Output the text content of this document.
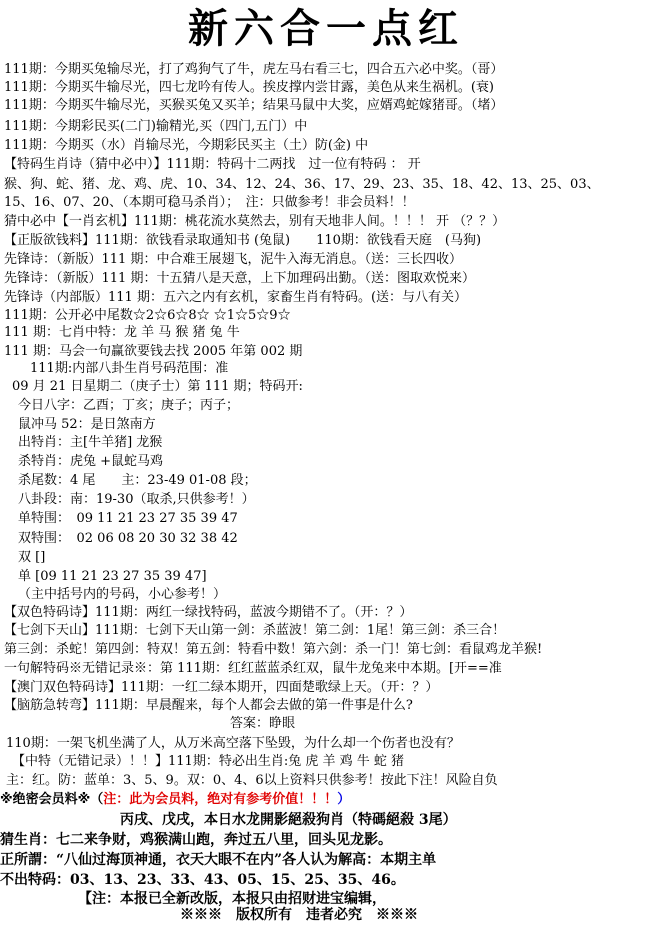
新六合一点红
111期：今期买兔输尽光，打了鸡狗气了牛，虎左马右看三七，四合五六必中奖。（哥）
111期：今期买牛输尽光，四七龙吟有传人。挨皮撑内尝甘露，美色从来生祸机。(衰)
111期：今期买牛输尽光，买猴买兔又买羊；结果马鼠中大奖，应婿鸡蛇嫁猪哥。（堵）
111期：今期彩民买(二门)输精光,买（四门,五门）中
111期：今期买（水）肖输尽光，今期彩民买主（土）防(金) 中
【特码生肖诗（猜中必中）】111期：特码十二两找　过一位有特码 ： 开
猴、狗、蛇、猪、龙、鸡、虎、10、34、12、24、36、17、29、23、35、18、42、13、25、03、
15、16、07、20、（本期可稳马杀肖）；　注：只做参考！非会员料！！
猜中必中【一肖玄机】111期：桃花流水莫然去，别有天地非人间。！！！ 开 （？？）
【正版欲钱料】111期：欲钱看录取通知书 (兔鼠)　　110期：欲钱看天庭　(马狗)
先锋诗：（新版）111 期：中合难王展翅飞，泥牛入海无消息。（送：三长四收）
先锋诗：（新版）111 期：十五猜八是天意，上下加理码出勤。（送：图取欢悦来）
先锋诗（内部版）111 期：五六之内有玄机，家畜生肖有特码。(送：与八有关）
111期：公开必中尾数☆2☆6☆8☆ ☆1☆5☆9☆
111 期：七肖中特：龙 羊 马 猴 猪 兔 牛
111 期：马会一句赢欲要钱去找 2005 年第 002 期
111期:内部八卦生肖号码范围：准
09 月 21 日星期二（庚子士）第 111 期；特码开:
今日八字：乙酉；丁亥；庚子；丙子；
鼠冲马 52：是日煞南方
出特肖：主[牛羊猪] 龙猴
杀特肖：虎兔 +鼠蛇马鸡
杀尾数：4 尾　　主：23-49 01-08 段；
八卦段：南：19-30（取杀,只供参考！）
单特围：　09 11 21 23 27 35 39 47
双特围：　02 06 08 20 30 32 38 42
双 []
单 [09 11 21 23 27 35 39 47]
（主中括号内的号码，小心参考！）
【双色特码诗】111期：两红一绿找特码，蓝波今期错不了。（开：？）
【七剑下天山】111期：七剑下天山第一剑：杀蓝波！第二剑：1尾！第三剑：杀三合！
第三剑：杀蛇！第四剑：特双！第五剑：特看中数！第六剑：杀一门！第七剑：看鼠鸡龙羊猴!
一句解特码※无错记录※：第 111期：红红蓝蓝杀红双，鼠牛龙兔来中本期。[开==准
【澳门双色特码诗】111期：一红二绿本期开，四面楚歌绿上天。（开：？）
【脑筋急转弯】111期：早晨醒来，每个人都会去做的第一件事是什么?
答案：睁眼
110期：一架飞机坐满了人，从万米高空落下坠毁，为什么却一个伤者也没有？
【中特（无错记录）！！】111期：特必出生肖:兔 虎 羊 鸡 牛 蛇 猪
主：红。防：蓝单：3、5、9。双：0、4、6以上资料只供参考！按此下注！风险自负
※绝密会员料※（注：此为会员料，绝对有参考价值！！！）
丙戌、戊戌，本日水龙開影絕殺狗肖（特碼絕殺 3尾）
猜生肖：七二来争财，鸡猴满山跑，奔过五八里，回头见龙影。
正所謂：“八仙过海顶神通，衣天大眼不在内”各人认为解高：本期主单
不出特码：03、13、23、33、43、05、15、25、35、46。
【注：本报已全新改版，本报只由招财进宝编辑，
※※※　版权所有　违者必究　※※※
